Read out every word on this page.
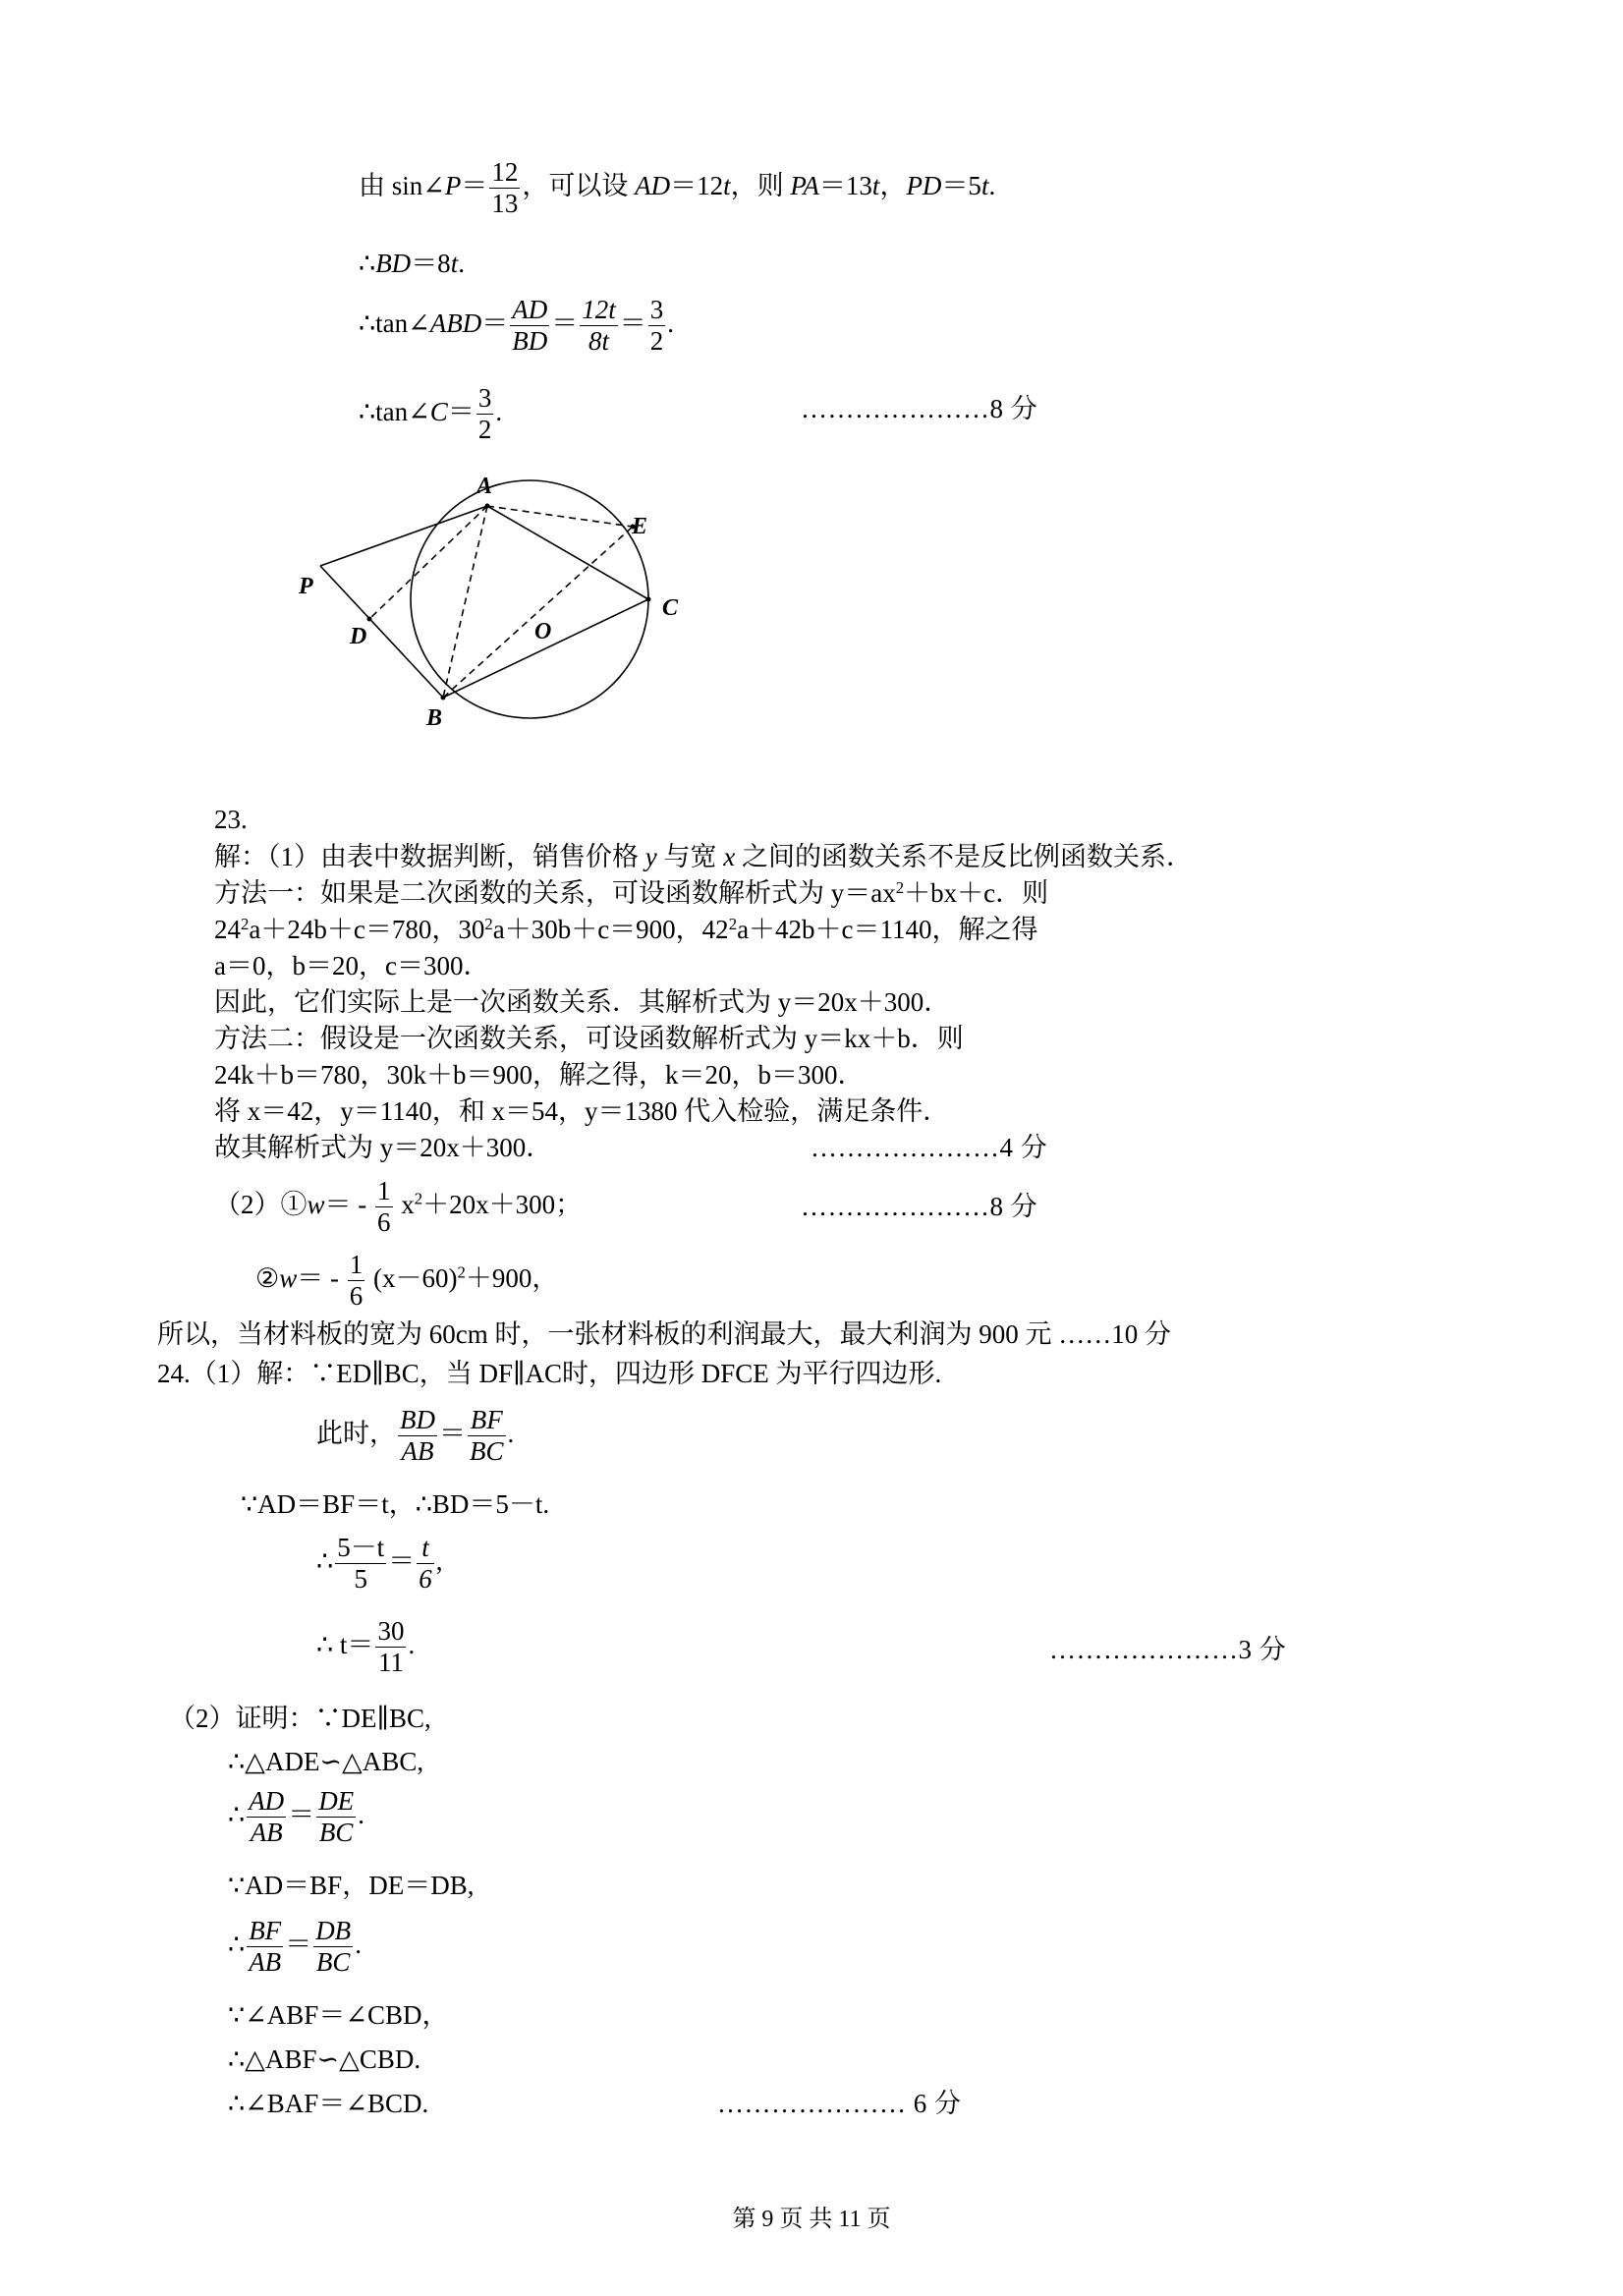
由 sin∠P＝ $\frac{12}{13}$ ，可以设 AD＝12t，则 PA＝13t，PD＝5t.
∴BD＝8t.
∴tan∠ABD＝ $\frac{AD}{BD} = \frac{12t}{8t} = \frac{3}{2}$ .
∴tan∠C＝ $\frac{3}{2}$ .	…………………8 分
A
E
P
C
D	O
B
23.
解：（1）由表中数据判断，销售价格 y 与宽 x 之间的函数关系不是反比例函数关系．
方法一：如果是二次函数的关系，可设函数解析式为 $y=ax^2+bx+c$．则
$24^2a+24b+c=780$，$30^2a+30b+c=900$，$42^2a+42b+c=1140$，解之得
a＝0，b＝20，c＝300．
因此，它们实际上是一次函数关系．其解析式为 y＝20x＋300．
方法二：假设是一次函数关系，可设函数解析式为 y＝kx＋b．则
24k＋b＝780，30k＋b＝900，解之得，k＝20，b＝300．
将 x＝42，y＝1140，和 x＝54，y＝1380 代入检验，满足条件．
故其解析式为 y＝20x＋300．	…………………4 分
（2）①w＝ - $\frac{1}{6} x^2+20x+300$；	…………………8 分
②w＝ - $\frac{1}{6} (x-60)^2+900$，
所以，当材料板的宽为 60cm 时，一张材料板的利润最大，最大利润为 900 元 ……10 分
24.（1）解：∵ED∥BC，当 DF∥AC时，四边形 DFCE 为平行四边形.
此时， $\frac{BD}{AB} = \frac{BF}{BC}$ .
∵AD＝BF＝t，∴BD＝5－t.
∴ $\frac{5-t}{5} = \frac{t}{6}$ ,
∴ $t= \frac{30}{11}$ .	…………………3 分
（2）证明：∵DE∥BC,
∴△ADE∽△ABC,
∴ $\frac{AD}{AB} = \frac{DE}{BC}$ .
∵AD＝BF，DE＝DB,
∴ $\frac{BF}{AB} = \frac{DB}{BC}$ .
∵∠ABF＝∠CBD，
∴△ABF∽△CBD.
∴∠BAF＝∠BCD.	………………… 6 分
第 9 页 共 11 页
